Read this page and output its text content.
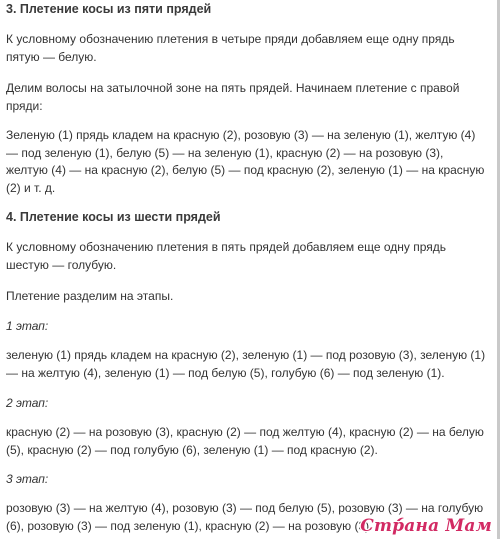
3. Плетение косы из пяти прядей

К условному обозначению плетения в четыре пряди добавляем еще одну прядь пятую — белую.

Делим волосы на затылочной зоне на пять прядей. Начинаем плетение с правой пряди:

Зеленую (1) прядь кладем на красную (2), розовую (3) — на зеленую (1), желтую (4) — под зеленую (1), белую (5) — на зеленую (1), красную (2) — на розовую (3), желтую (4) — на красную (2), белую (5) — под красную (2), зеленую (1) — на красную (2) и т. д.

4. Плетение косы из шести прядей

К условному обозначению плетения в пять прядей добавляем еще одну прядь шестую — голубую.

Плетение разделим на этапы.

1 этап:

зеленую (1) прядь кладем на красную (2), зеленую (1) — под розовую (3), зеленую (1) — на желтую (4), зеленую (1) — под белую (5), голубую (6) — под зеленую (1).

2 этап:

красную (2) — на розовую (3), красную (2) — под желтую (4), красную (2) — на белую (5), красную (2) — под голубую (6), зеленую (1) — под красную (2).

3 этап:

розовую (3) — на желтую (4), розовую (3) — под белую (5), розовую (3) — на голубую (6), розовую (3) — под зеленую (1), красную (2) — на розовую (3).

Страна Мам
